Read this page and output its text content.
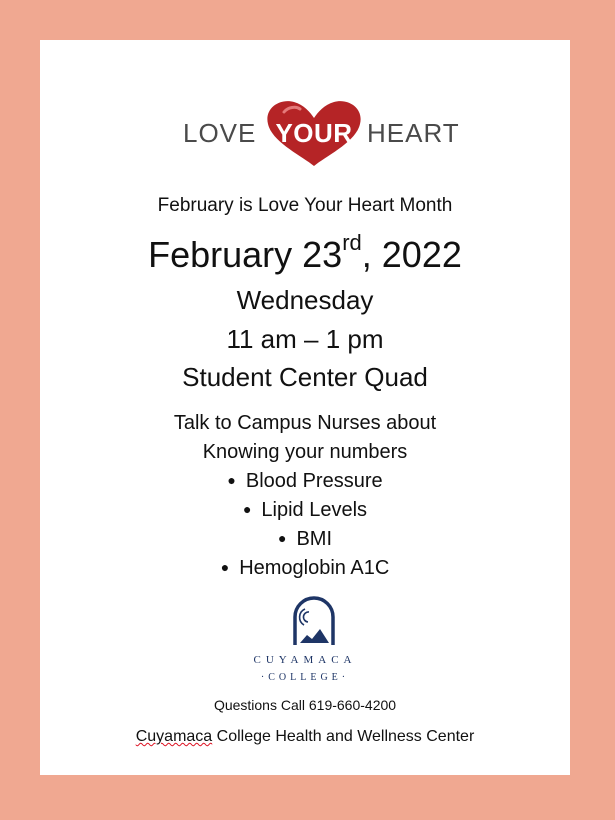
LOVE YOUR HEART
February is Love Your Heart Month
February 23rd, 2022
Wednesday
11 am – 1 pm
Student Center Quad
Talk to Campus Nurses about
Knowing your numbers
● Blood Pressure
● Lipid Levels
● BMI
● Hemoglobin A1C
CUYAMACA
·COLLEGE·
Questions Call 619-660-4200
Cuyamaca College Health and Wellness Center
